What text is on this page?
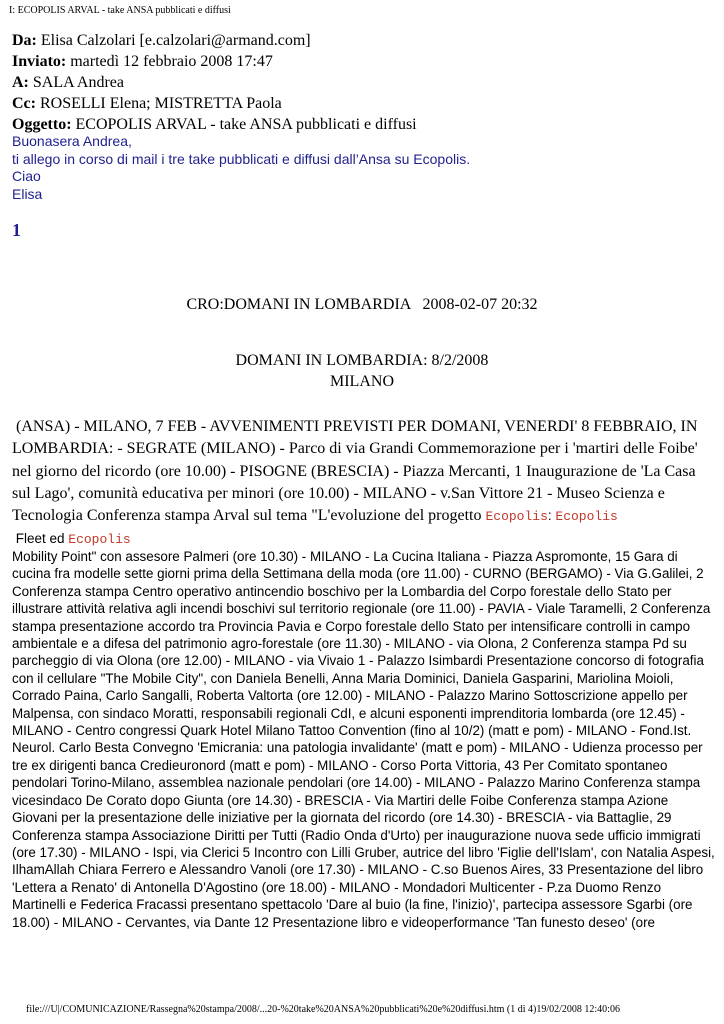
I: ECOPOLIS ARVAL - take ANSA pubblicati e diffusi
Da: Elisa Calzolari [e.calzolari@armand.com]
Inviato: martedì 12 febbraio 2008 17:47
A: SALA Andrea
Cc: ROSELLI Elena; MISTRETTA Paola
Oggetto: ECOPOLIS ARVAL - take ANSA pubblicati e diffusi
Buonasera Andrea,
ti allego in corso di mail i tre take pubblicati e diffusi dall’Ansa su Ecopolis.
Ciao
Elisa
1
CRO:DOMANI IN LOMBARDIA   2008-02-07 20:32
DOMANI IN LOMBARDIA: 8/2/2008
MILANO
(ANSA) - MILANO, 7 FEB - AVVENIMENTI PREVISTI PER DOMANI, VENERDI' 8 FEBBRAIO, IN LOMBARDIA: - SEGRATE (MILANO) - Parco di via Grandi Commemorazione per i 'martiri delle Foibe' nel giorno del ricordo (ore 10.00) - PISOGNE (BRESCIA) - Piazza Mercanti, 1 Inaugurazione de 'La Casa sul Lago', comunità educativa per minori (ore 10.00) - MILANO - v.San Vittore 21 - Museo Scienza e Tecnologia Conferenza stampa Arval sul tema "L'evoluzione del progetto Ecopolis: Ecopolis Fleet ed Ecopolis
Mobility Point" con assesore Palmeri (ore 10.30) - MILANO - La Cucina Italiana - Piazza Aspromonte, 15 Gara di cucina fra modelle sette giorni prima della Settimana della moda (ore 11.00) - CURNO (BERGAMO) - Via G.Galilei, 2 Conferenza stampa Centro operativo antincendio boschivo per la Lombardia del Corpo forestale dello Stato per illustrare attività relativa agli incendi boschivi sul territorio regionale (ore 11.00) - PAVIA - Viale Taramelli, 2 Conferenza stampa presentazione accordo tra Provincia Pavia e Corpo forestale dello Stato per intensificare controlli in campo ambientale e a difesa del patrimonio agro-forestale (ore 11.30) - MILANO - via Olona, 2 Conferenza stampa Pd su parcheggio di via Olona (ore 12.00) - MILANO - via Vivaio 1 - Palazzo Isimbardi Presentazione concorso di fotografia con il cellulare "The Mobile City", con Daniela Benelli, Anna Maria Dominici, Daniela Gasparini, Mariolina Moioli, Corrado Paina, Carlo Sangalli, Roberta Valtorta (ore 12.00) - MILANO - Palazzo Marino Sottoscrizione appello per Malpensa, con sindaco Moratti, responsabili regionali CdI, e alcuni esponenti imprenditoria lombarda (ore 12.45) - MILANO - Centro congressi Quark Hotel Milano Tattoo Convention (fino al 10/2) (matt e pom) - MILANO - Fond.Ist. Neurol. Carlo Besta Convegno 'Emicrania: una patologia invalidante' (matt e pom) - MILANO - Udienza processo per tre ex dirigenti banca Credieuronord (matt e pom) - MILANO - Corso Porta Vittoria, 43 Per Comitato spontaneo pendolari Torino-Milano, assemblea nazionale pendolari (ore 14.00) - MILANO - Palazzo Marino Conferenza stampa vicesindaco De Corato dopo Giunta (ore 14.30) - BRESCIA - Via Martiri delle Foibe Conferenza stampa Azione Giovani per la presentazione delle iniziative per la giornata del ricordo (ore 14.30) - BRESCIA - via Battaglie, 29 Conferenza stampa Associazione Diritti per Tutti (Radio Onda d'Urto) per inaugurazione nuova sede ufficio immigrati (ore 17.30) - MILANO - Ispi, via Clerici 5 Incontro con Lilli Gruber, autrice del libro 'Figlie dell'Islam', con Natalia Aspesi, IlhamAllah Chiara Ferrero e Alessandro Vanoli (ore 17.30) - MILANO - C.so Buenos Aires, 33 Presentazione del libro 'Lettera a Renato' di Antonella D'Agostino (ore 18.00) - MILANO - Mondadori Multicenter - P.za Duomo Renzo Martinelli e Federica Fracassi presentano spettacolo 'Dare al buio (la fine, l'inizio)', partecipa assessore Sgarbi (ore 18.00) - MILANO - Cervantes, via Dante 12 Presentazione libro e videoperformance 'Tan funesto deseo' (ore
file:///U|/COMUNICAZIONE/Rassegna%20stampa/2008/...20-%20take%20ANSA%20pubblicati%20e%20diffusi.htm (1 di 4)19/02/2008 12:40:06
